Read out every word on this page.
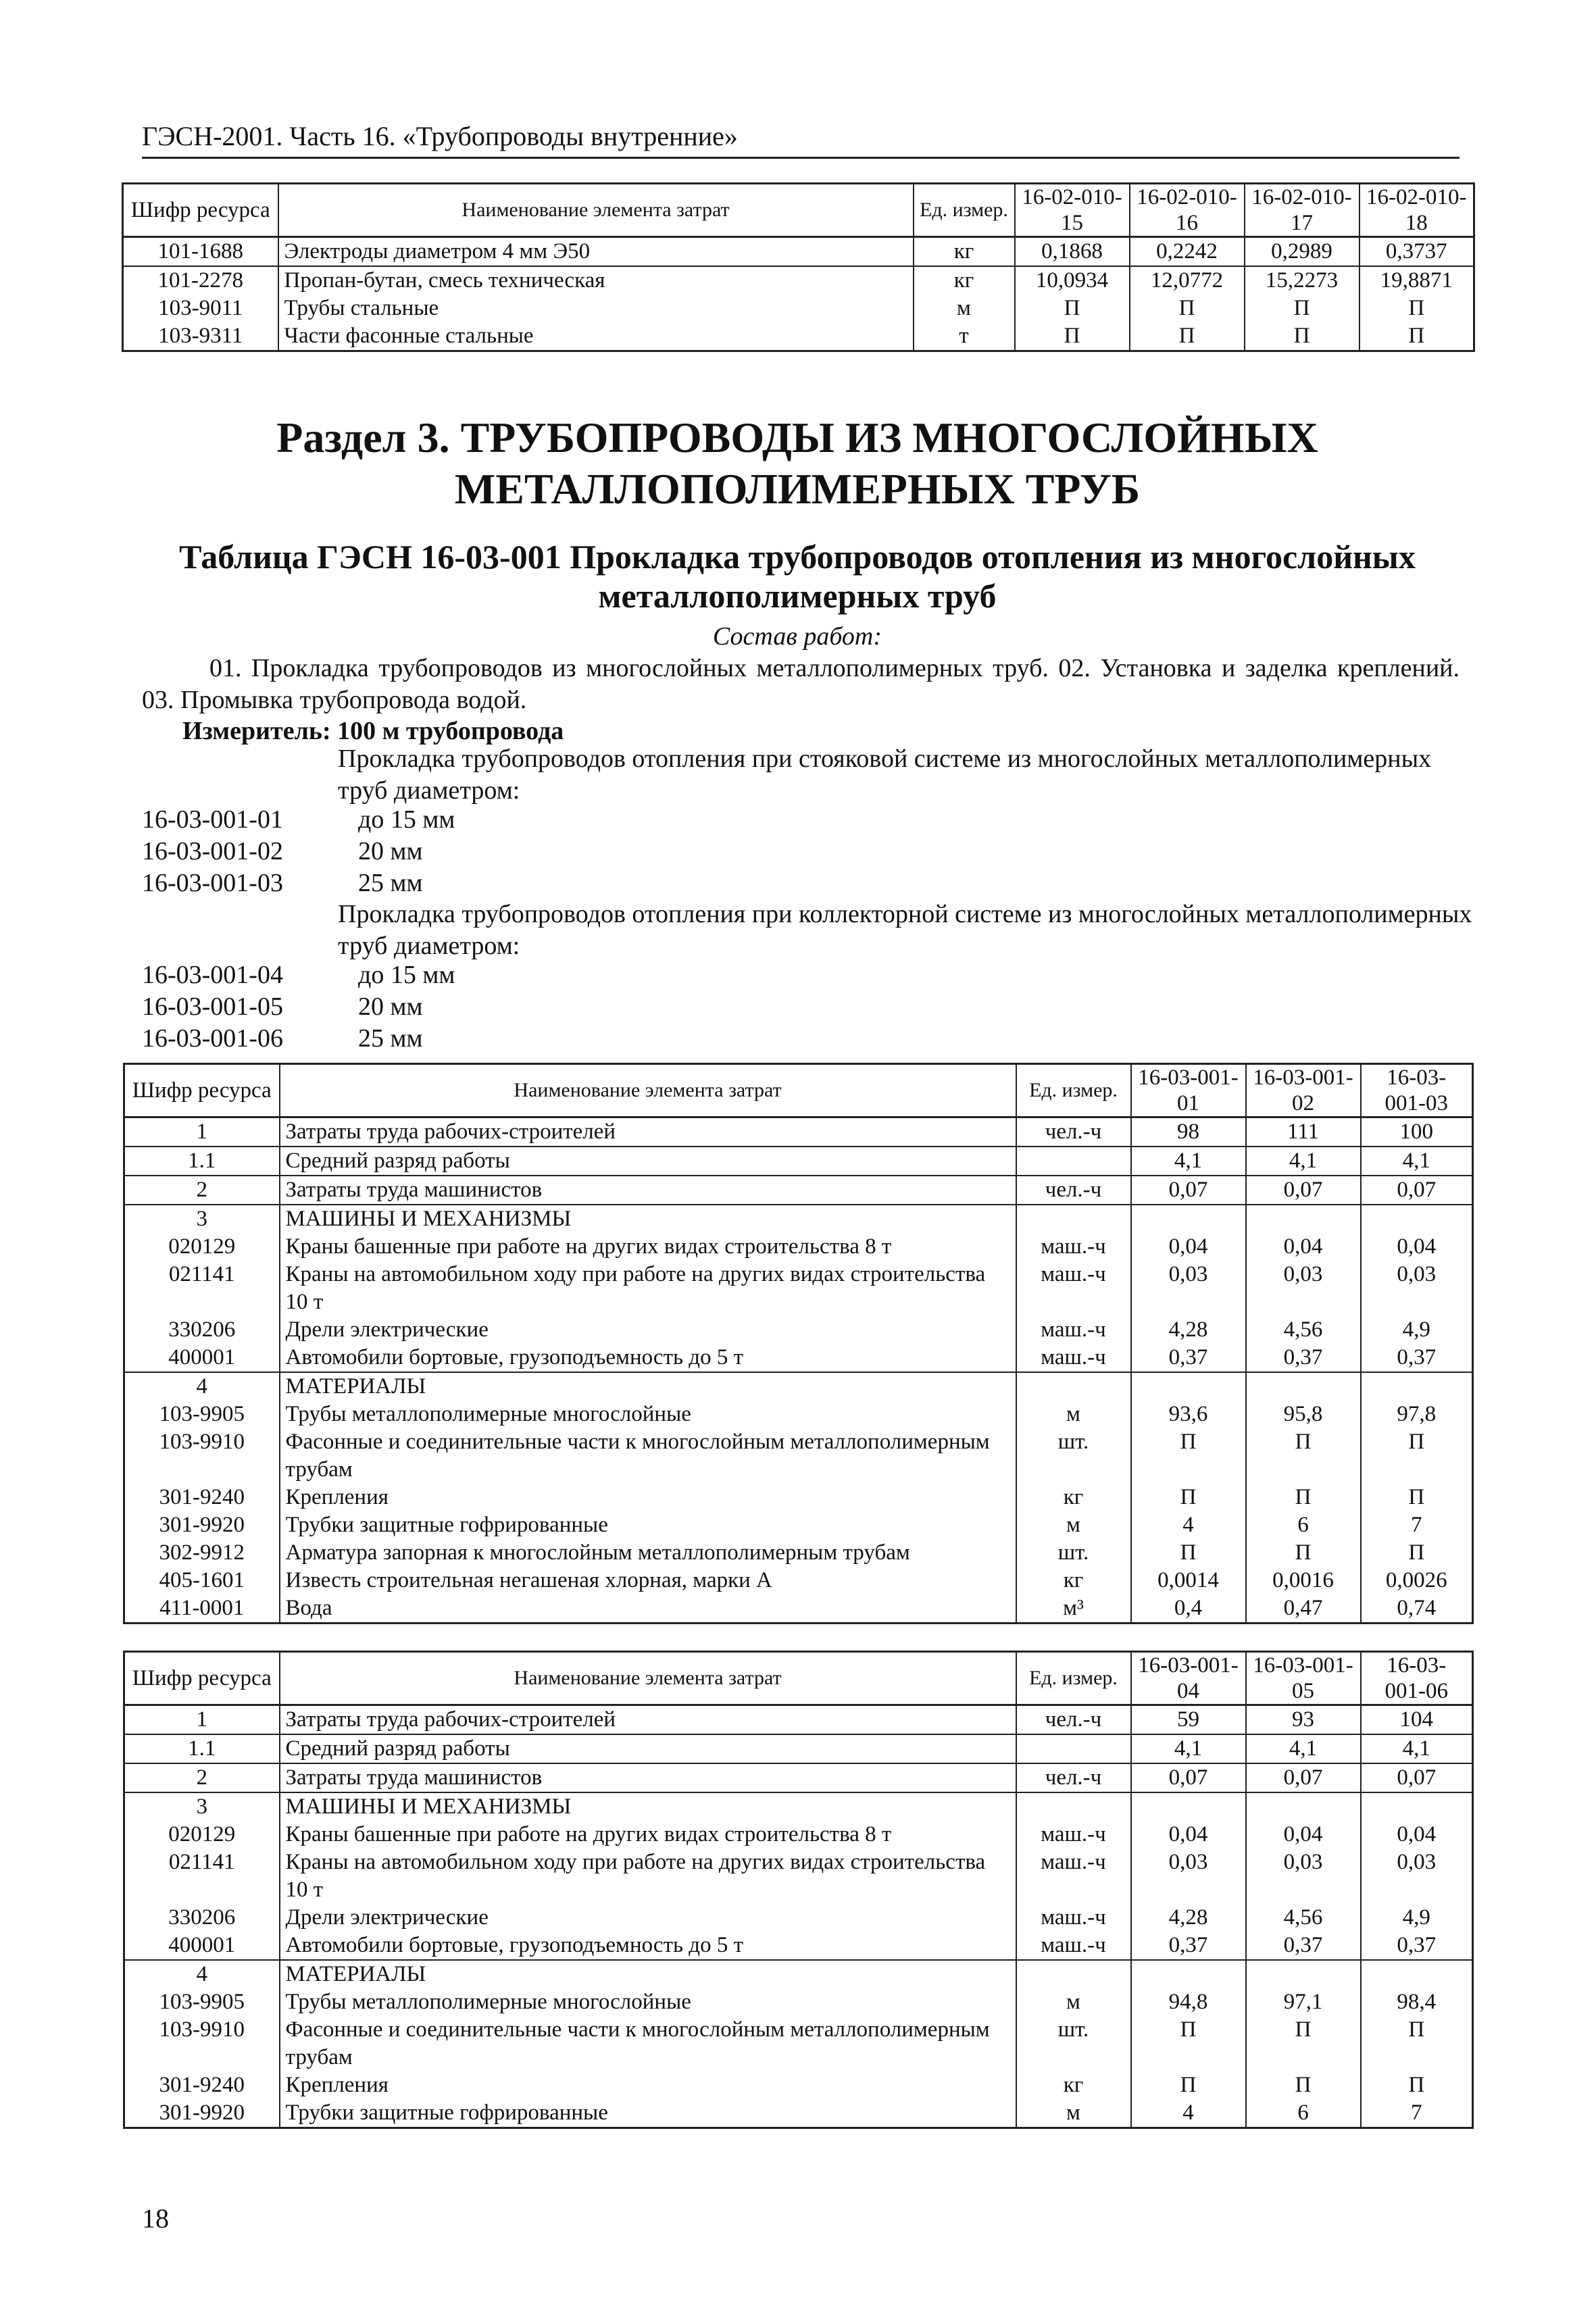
ГЭСН-2001. Часть 16. «Трубопроводы внутренние»
Шифр ресурса	Наименование элемента затрат	Ед. измер.	16-02-010-15	16-02-010-16	16-02-010-17	16-02-010-18
101-1688	Электроды диаметром 4 мм Э50	кг	0,1868	0,2242	0,2989	0,3737
101-2278	Пропан-бутан, смесь техническая	кг	10,0934	12,0772	15,2273	19,8871
103-9011	Трубы стальные	м	П	П	П	П
103-9311	Части фасонные стальные	т	П	П	П	П
Раздел 3. ТРУБОПРОВОДЫ ИЗ МНОГОСЛОЙНЫХ
МЕТАЛЛОПОЛИМЕРНЫХ ТРУБ
Таблица ГЭСН 16-03-001 Прокладка трубопроводов отопления из многослойных
металлополимерных труб
Состав работ:
01. Прокладка трубопроводов из многослойных металлополимерных труб. 02. Установка и заделка креплений. 03. Промывка трубопровода водой.
Измеритель: 100 м трубопровода
Прокладка трубопроводов отопления при стояковой системе из многослойных металлополимерных труб диаметром:
16-03-001-01	до 15 мм
16-03-001-02	20 мм
16-03-001-03	25 мм
Прокладка трубопроводов отопления при коллекторной системе из многослойных металлополимерных труб диаметром:
16-03-001-04	до 15 мм
16-03-001-05	20 мм
16-03-001-06	25 мм
Шифр ресурса	Наименование элемента затрат	Ед. измер.	16-03-001-01	16-03-001-02	16-03-001-03
1	Затраты труда рабочих-строителей	чел.-ч	98	111	100
1.1	Средний разряд работы		4,1	4,1	4,1
2	Затраты труда машинистов	чел.-ч	0,07	0,07	0,07
3	МАШИНЫ И МЕХАНИЗМЫ				
020129	Краны башенные при работе на других видах строительства 8 т	маш.-ч	0,04	0,04	0,04
021141	Краны на автомобильном ходу при работе на других видах строительства 10 т	маш.-ч	0,03	0,03	0,03
330206	Дрели электрические	маш.-ч	4,28	4,56	4,9
400001	Автомобили бортовые, грузоподъемность до 5 т	маш.-ч	0,37	0,37	0,37
4	МАТЕРИАЛЫ				
103-9905	Трубы металлополимерные многослойные	м	93,6	95,8	97,8
103-9910	Фасонные и соединительные части к многослойным металлополимерным трубам	шт.	П	П	П
301-9240	Крепления	кг	П	П	П
301-9920	Трубки защитные гофрированные	м	4	6	7
302-9912	Арматура запорная к многослойным металлополимерным трубам	шт.	П	П	П
405-1601	Известь строительная негашеная хлорная, марки А	кг	0,0014	0,0016	0,0026
411-0001	Вода	м³	0,4	0,47	0,74
Шифр ресурса	Наименование элемента затрат	Ед. измер.	16-03-001-04	16-03-001-05	16-03-001-06
1	Затраты труда рабочих-строителей	чел.-ч	59	93	104
1.1	Средний разряд работы		4,1	4,1	4,1
2	Затраты труда машинистов	чел.-ч	0,07	0,07	0,07
3	МАШИНЫ И МЕХАНИЗМЫ				
020129	Краны башенные при работе на других видах строительства 8 т	маш.-ч	0,04	0,04	0,04
021141	Краны на автомобильном ходу при работе на других видах строительства 10 т	маш.-ч	0,03	0,03	0,03
330206	Дрели электрические	маш.-ч	4,28	4,56	4,9
400001	Автомобили бортовые, грузоподъемность до 5 т	маш.-ч	0,37	0,37	0,37
4	МАТЕРИАЛЫ				
103-9905	Трубы металлополимерные многослойные	м	94,8	97,1	98,4
103-9910	Фасонные и соединительные части к многослойным металлополимерным трубам	шт.	П	П	П
301-9240	Крепления	кг	П	П	П
301-9920	Трубки защитные гофрированные	м	4	6	7
18
